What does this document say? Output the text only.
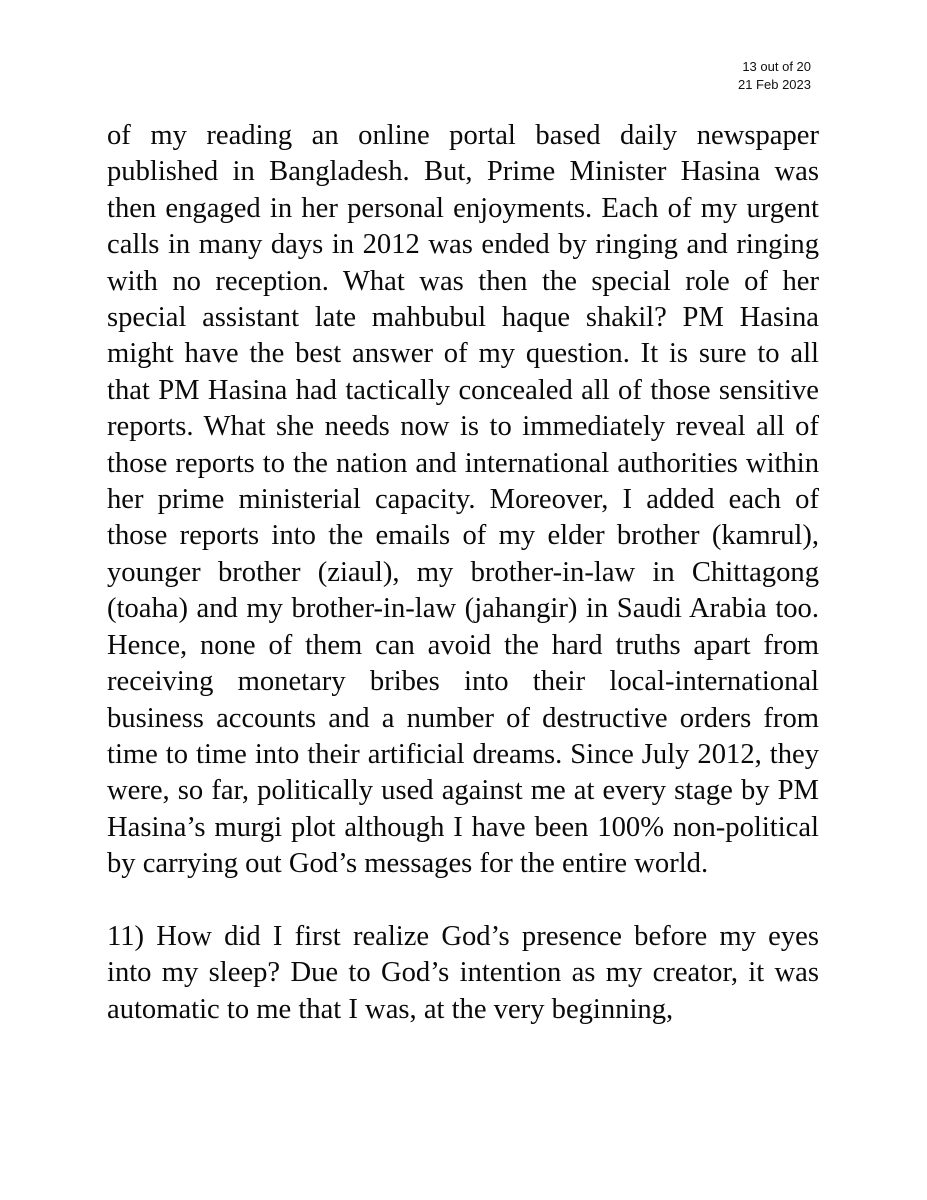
13 out of 20
21 Feb 2023

of my reading an online portal based daily newspaper published in Bangladesh. But, Prime Minister Hasina was then engaged in her personal enjoyments. Each of my urgent calls in many days in 2012 was ended by ringing and ringing with no reception. What was then the special role of her special assistant late mahbubul haque shakil? PM Hasina might have the best answer of my question. It is sure to all that PM Hasina had tactically concealed all of those sensitive reports. What she needs now is to immediately reveal all of those reports to the nation and international authorities within her prime ministerial capacity. Moreover, I added each of those reports into the emails of my elder brother (kamrul), younger brother (ziaul), my brother-in-law in Chittagong (toaha) and my brother-in-law (jahangir) in Saudi Arabia too. Hence, none of them can avoid the hard truths apart from receiving monetary bribes into their local-international business accounts and a number of destructive orders from time to time into their artificial dreams. Since July 2012, they were, so far, politically used against me at every stage by PM Hasina’s murgi plot although I have been 100% non-political by carrying out God’s messages for the entire world.

11) How did I first realize God’s presence before my eyes into my sleep? Due to God’s intention as my creator, it was automatic to me that I was, at the very beginning,
